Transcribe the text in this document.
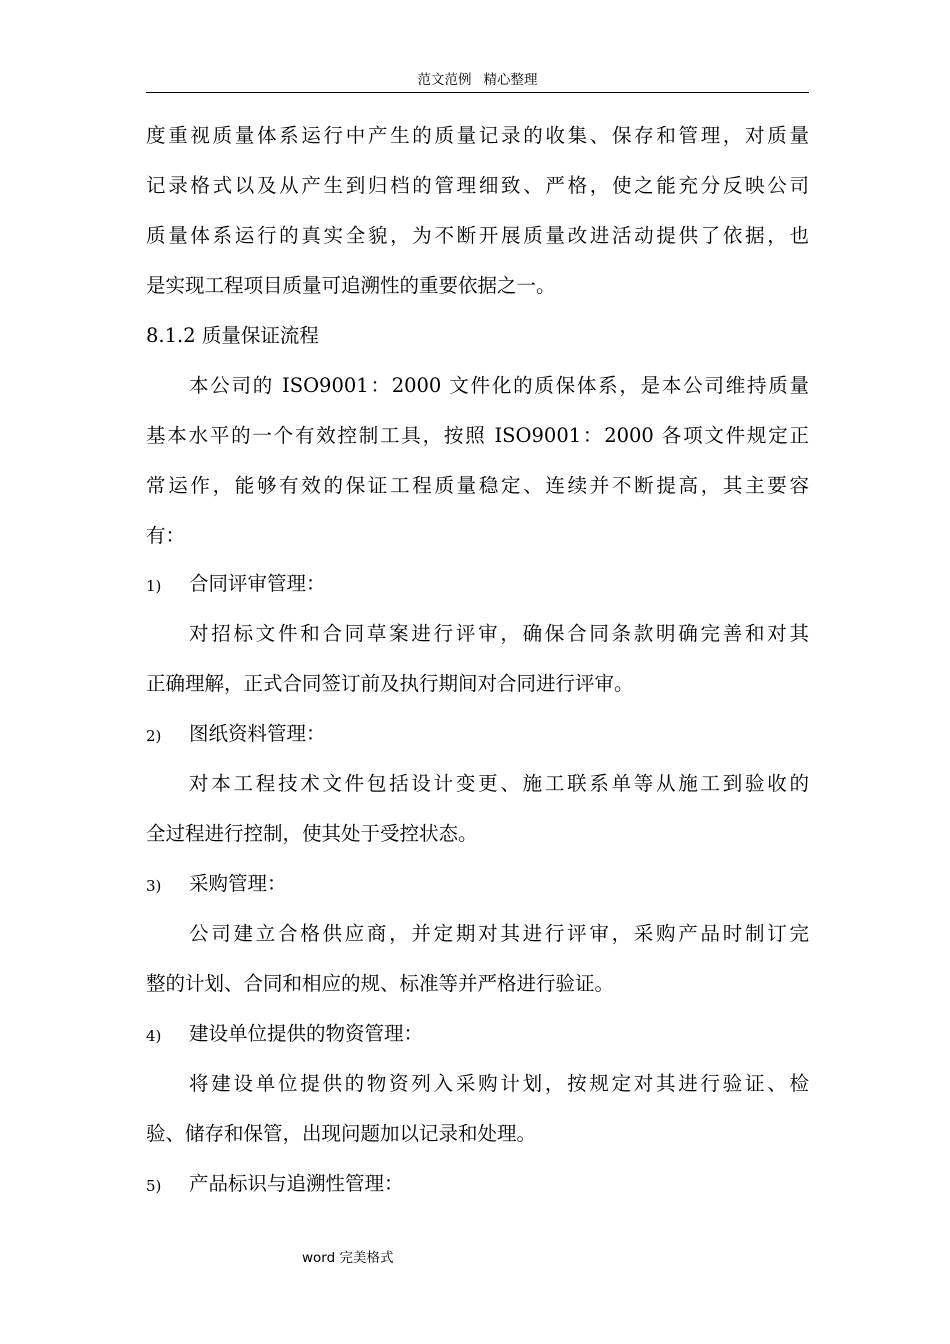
范文范例 精心整理
度重视质量体系运行中产生的质量记录的收集、保存和管理，对质量
记录格式以及从产生到归档的管理细致、严格，使之能充分反映公司
质量体系运行的真实全貌，为不断开展质量改进活动提供了依据，也
是实现工程项目质量可追溯性的重要依据之一。
8.1.2 质量保证流程
本公司的 ISO9001：2000 文件化的质保体系，是本公司维持质量
基本水平的一个有效控制工具，按照 ISO9001：2000 各项文件规定正
常运作，能够有效的保证工程质量稳定、连续并不断提高，其主要容
有：
1) 合同评审管理：
对招标文件和合同草案进行评审，确保合同条款明确完善和对其
正确理解，正式合同签订前及执行期间对合同进行评审。
2) 图纸资料管理：
对本工程技术文件包括设计变更、施工联系单等从施工到验收的
全过程进行控制，使其处于受控状态。
3) 采购管理：
公司建立合格供应商，并定期对其进行评审，采购产品时制订完
整的计划、合同和相应的规、标准等并严格进行验证。
4) 建设单位提供的物资管理：
将建设单位提供的物资列入采购计划，按规定对其进行验证、检
验、储存和保管，出现问题加以记录和处理。
5) 产品标识与追溯性管理：
word 完美格式
